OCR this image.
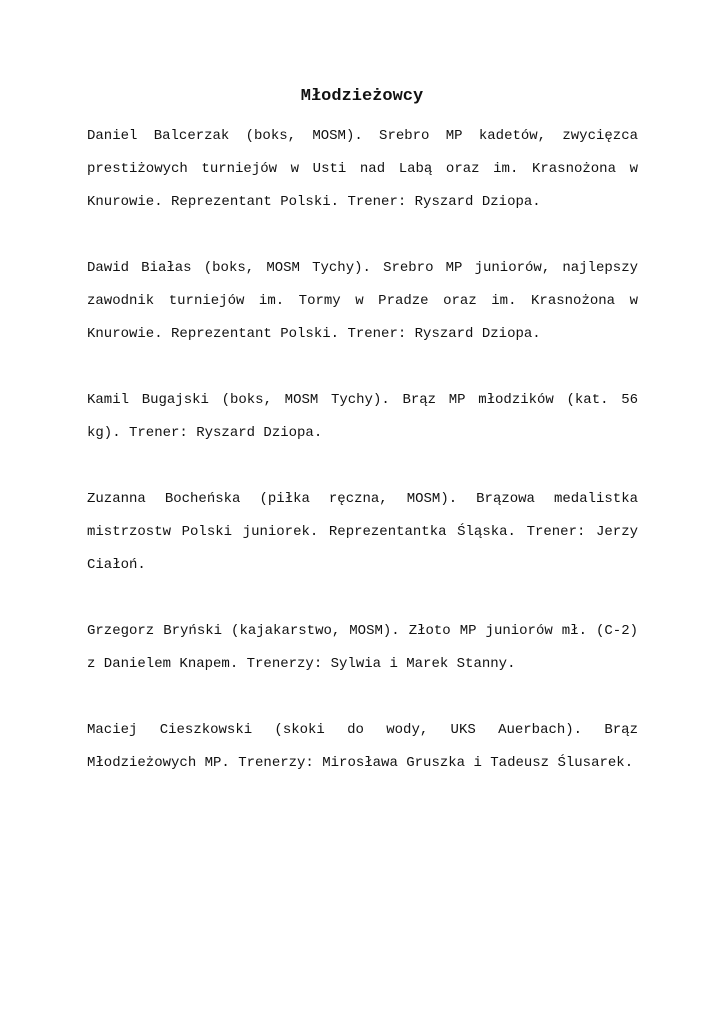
Młodzieżowcy

Daniel Balcerzak (boks, MOSM). Srebro MP kadetów, zwycięzca prestiżowych turniejów w Usti nad Labą oraz im. Krasnożona w Knurowie. Reprezentant Polski. Trener: Ryszard Dziopa.

Dawid Białas (boks, MOSM Tychy). Srebro MP juniorów, najlepszy zawodnik turniejów im. Tormy w Pradze oraz im. Krasnożona w Knurowie. Reprezentant Polski. Trener: Ryszard Dziopa.

Kamil Bugajski (boks, MOSM Tychy). Brąz MP młodzików (kat. 56 kg). Trener: Ryszard Dziopa.

Zuzanna Bocheńska (piłka ręczna, MOSM). Brązowa medalistka mistrzostw Polski juniorek. Reprezentantka Śląska. Trener: Jerzy Ciałoń.

Grzegorz Bryński (kajakarstwo, MOSM). Złoto MP juniorów mł. (C-2) z Danielem Knapem. Trenerzy: Sylwia i Marek Stanny.

Maciej Cieszkowski (skoki do wody, UKS Auerbach). Brąz Młodzieżowych MP. Trenerzy: Mirosława Gruszka i Tadeusz Ślusarek.
